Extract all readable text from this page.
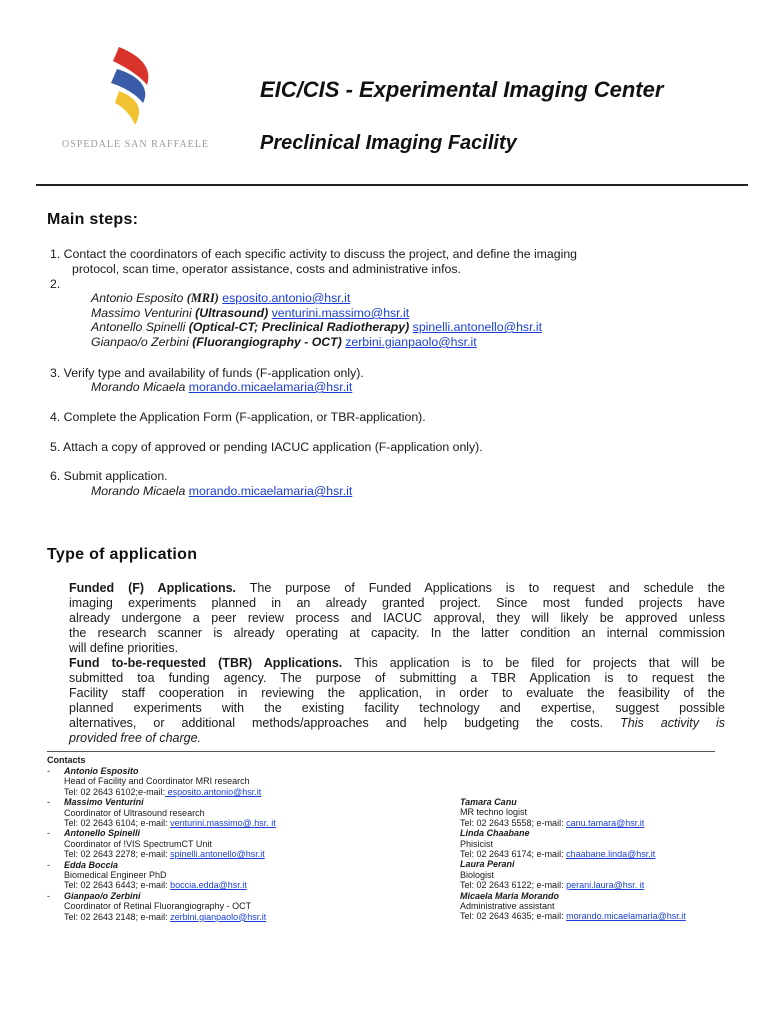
OSPEDALE SAN RAFFAELE
EIC/CIS - Experimental Imaging Center
Preclinical Imaging Facility
Main steps:
1. Contact the coordinators of each specific activity to discuss the project, and define the imaging
protocol, scan time, operator assistance, costs and administrative infos.
2.
Antonio Esposito (MRI) esposito.antonio@hsr.it
Massimo Venturini (Ultrasound) venturini.massimo@hsr.it
Antonello Spinelli (Optical-CT; Preclinical Radiotherapy) spinelli.antonello@hsr.it
Gianpao/o Zerbini (Fluorangiography - OCT) zerbini.gianpaolo@hsr.it
3. Verify type and availability of funds (F-application only).
Morando Micaela morando.micaelamaria@hsr.it
4. Complete the Application Form (F-application, or TBR-application).
5. Attach a copy of approved or pending IACUC application (F-application only).
6. Submit application.
Morando Micaela morando.micaelamaria@hsr.it
Type of application
Funded (F) Applications. The purpose of Funded Applications is to request and schedule the
imaging experiments planned in an already granted project. Since most funded projects have
already undergone a peer review process and IACUC approval, they will likely be approved unless
the research scanner is already operating at capacity. In the latter condition an internal commission
will define priorities.
Fund to-be-requested (TBR) Applications. This application is to be filed for projects that will be
submitted toa funding agency. The purpose of submitting a TBR Application is to request the
Facility staff cooperation in reviewing the application, in order to evaluate the feasibility of the
planned experiments with the existing facility technology and expertise, suggest possible
alternatives, or additional methods/approaches and help budgeting the costs. This activity is
provided free of charge.
Contacts
- Antonio Esposito
Head of Facility and Coordinator MRI research
Tel: 02 2643 6102;e-mail: esposito.antonio@hsr.it
- Massimo Venturini
Coordinator of Ultrasound research
Tel: 02 2643 6104; e-mail: venturini.massimo@.hsr. it
- Antonello Spinelli
Coordinator of !VIS SpectrumCT Unit
Tel: 02 2643 2278; e-mail: spinelli.antonello@hsr.it
- Edda Boccia
Biomedical Engineer PhD
Tel: 02 2643 6443; e-mail: boccia.edda@hsr.it
- Gianpao/o Zerbini
Coordinator of Retinal Fluorangiography - OCT
Tel: 02 2643 2148; e-mail: zerbini.gianpaolo@hsr.it
Tamara Canu
MR techno logist
Tel: 02 2643 5558; e-mail: canu.tamara@hsr.it
Linda Chaabane
Phisicist
Tel: 02 2643 6174; e-mail: chaabane.linda@hsr.it
Laura Perani
Biologist
Tel: 02 2643 6122; e-mail: perani.laura@hsr. it
Micaela Maria Morando
Administrative assistant
Tel: 02 2643 4635; e-mail: morando.micaelamaria@hsr.it
